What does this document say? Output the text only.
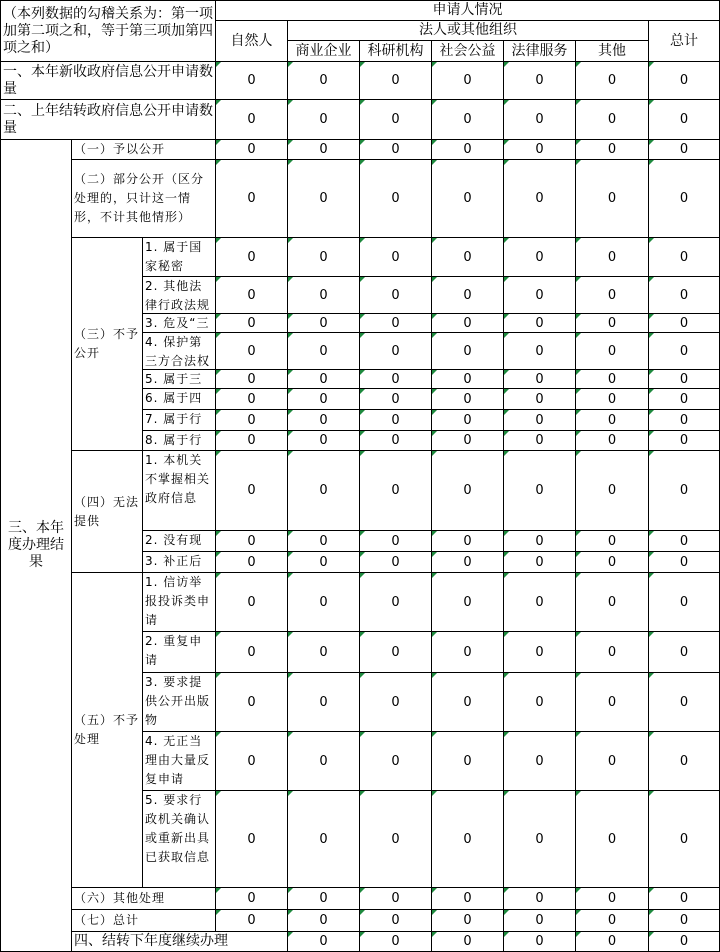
（本列数据的勾稽关系为：第一项加第二项之和，等于第三项加第四项之和）			申请人情况							
			自然人	法人或其他组织					总计	
				商业企业	科研机构	社会公益	法律服务	其他		
一、本年新收政府信息公开申请数量			0	0	0	0	0	0	0	
二、上年结转政府信息公开申请数量			0	0	0	0	0	0	0	
三、本年度办理结果	（一）予以公开		0	0	0	0	0	0	0	
	（二）部分公开（区分处理的，只计这一情形，不计其他情形）		0	0	0	0	0	0	0	
	（三）不予公开	1. 属于国家秘密	0	0	0	0	0	0	0	

		2. 其他法律行政法规	0	0	0	0	0	0	0	

		3. 危及“三	0	0	0	0	0	0	0	

		4. 保护第三方合法权	0	0	0	0	0	0	0	

		5. 属于三	0	0	0	0	0	0	0	

		6. 属于四	0	0	0	0	0	0	0	

		7. 属于行	0	0	0	0	0	0	0	

		8. 属于行	0	0	0	0	0	0	0	
	（四）无法提供	1. 本机关不掌握相关政府信息	0	0	0	0	0	0	0	

		2. 没有现	0	0	0	0	0	0	0	

		3. 补正后	0	0	0	0	0	0	0	
	（五）不予处理	1. 信访举报投诉类申请	0	0	0	0	0	0	0	

		2. 重复申请	0	0	0	0	0	0	0	

		3. 要求提供公开出版物	0	0	0	0	0	0	0	

		4. 无正当理由大量反复申请	0	0	0	0	0	0	0	

		5. 要求行政机关确认或重新出具已获取信息	0	0	0	0	0	0	0	
	（六）其他处理		0	0	0	0	0	0	0	
	（七）总计		0	0	0	0	0	0	0	
	四、结转下年度继续办理			0	0	0	0	0	0	
